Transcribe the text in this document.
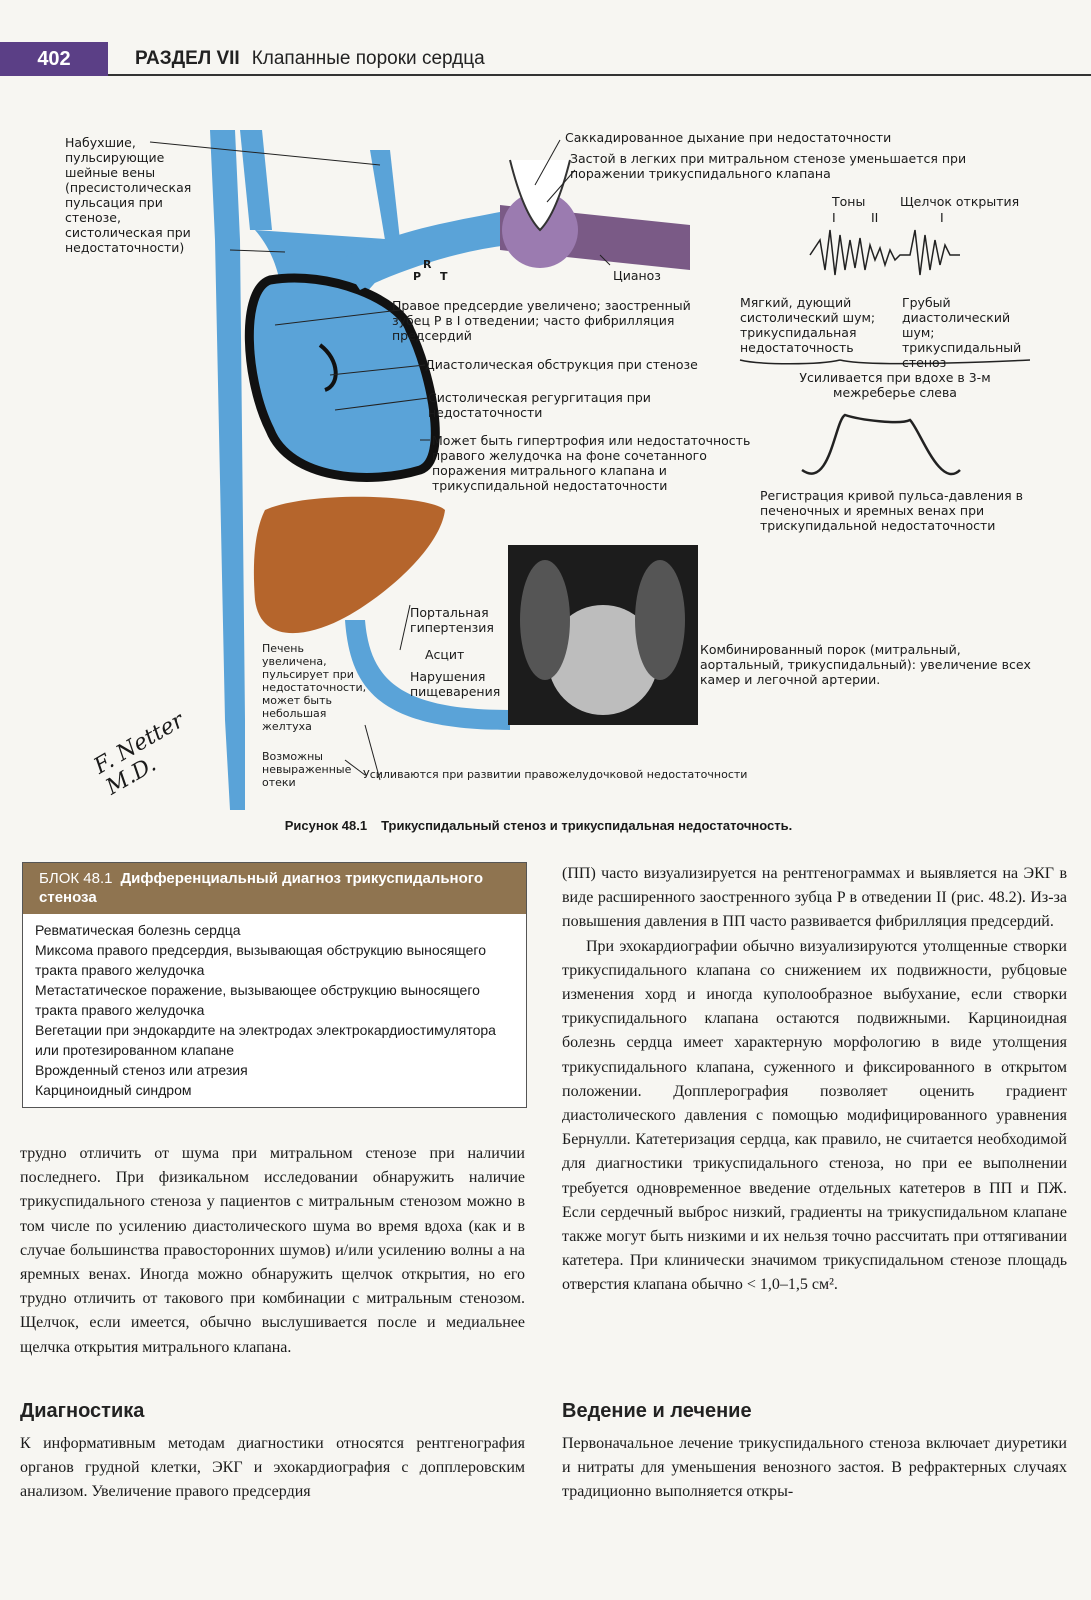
402	РАЗДЕЛ VII Клапанные пороки сердца
Набухшие, пульсирующие шейные вены (пресистолическая пульсация при стенозе, систолическая при недостаточности)
Саккадированное дыхание при недостаточности
Застой в легких при митральном стенозе уменьшается при поражении трикуспидального клапана
Тоны
I	II
Щелчок открытия
I
Цианоз
P
R
T
Правое предсердие увеличено; заостренный зубец P в I отведении; часто фибрилляция предсердий
Мягкий, дующий систолический шум; трикуспидальная недостаточность
Грубый диастолический шум; трикуспидальный стеноз
Усиливается при вдохе в 3-м межреберье слева
Диастолическая обструкция при стенозе
Систолическая регургитация при недостаточности
Может быть гипертрофия или недостаточность правого желудочка на фоне сочетанного поражения митрального клапана и трикуспидальной недостаточности
Регистрация кривой пульса-давления в печеночных и яремных венах при трискупидальной недостаточности
Портальная гипертензия
Асцит
Нарушения пищеварения
Печень увеличена, пульсирует при недостаточности, может быть небольшая желтуха
Возможны невыраженные отеки
Усиливаются при развитии правожелудочковой недостаточности
Комбинированный порок (митральный, аортальный, трикуспидальный): увеличение всех камер и легочной артерии.
F. Netter M.D.
Рисунок 48.1 Трикуспидальный стеноз и трикуспидальная недостаточность.
БЛОК 48.1 Дифференциальный диагноз трикуспидального стеноза
Ревматическая болезнь сердца
Миксома правого предсердия, вызывающая обструкцию выносящего тракта правого желудочка
Метастатическое поражение, вызывающее обструкцию выносящего тракта правого желудочка
Вегетации при эндокардите на электродах электрокардиостимулятора или протезированном клапане
Врожденный стеноз или атрезия
Карциноидный синдром

трудно отличить от шума при митральном стенозе при наличии последнего. При физикальном исследовании обнаружить наличие трикуспидального стеноза у пациентов с митральным стенозом можно в том числе по усилению диастолического шума во время вдоха (как и в случае большинства правосторонних шумов) и/или усилению волны a на яремных венах. Иногда можно обнаружить щелчок открытия, но его трудно отличить от такового при комбинации с митральным стенозом. Щелчок, если имеется, обычно выслушивается после и медиальнее щелчка открытия митрального клапана.

Диагностика

К информативным методам диагностики относятся рентгенография органов грудной клетки, ЭКГ и эхокардиография с допплеровским анализом. Увеличение правого предсердия

(ПП) часто визуализируется на рентгенограммах и выявляется на ЭКГ в виде расширенного заостренного зубца P в отведении II (рис. 48.2). Из-за повышения давления в ПП часто развивается фибрилляция предсердий.

При эхокардиографии обычно визуализируются утолщенные створки трикуспидального клапана со снижением их подвижности, рубцовые изменения хорд и иногда куполообразное выбухание, если створки трикуспидального клапана остаются подвижными. Карциноидная болезнь сердца имеет характерную морфологию в виде утолщения трикуспидального клапана, суженного и фиксированного в открытом положении. Допплерография позволяет оценить градиент диастолического давления с помощью модифицированного уравнения Бернулли. Катетеризация сердца, как правило, не считается необходимой для диагностики трикуспидального стеноза, но при ее выполнении требуется одновременное введение отдельных катетеров в ПП и ПЖ. Если сердечный выброс низкий, градиенты на трикуспидальном клапане также могут быть низкими и их нельзя точно рассчитать при оттягивании катетера. При клинически значимом трикуспидальном стенозе площадь отверстия клапана обычно < 1,0–1,5 см².

Ведение и лечение

Первоначальное лечение трикуспидального стеноза включает диуретики и нитраты для уменьшения венозного застоя. В рефрактерных случаях традиционно выполняется откры-
